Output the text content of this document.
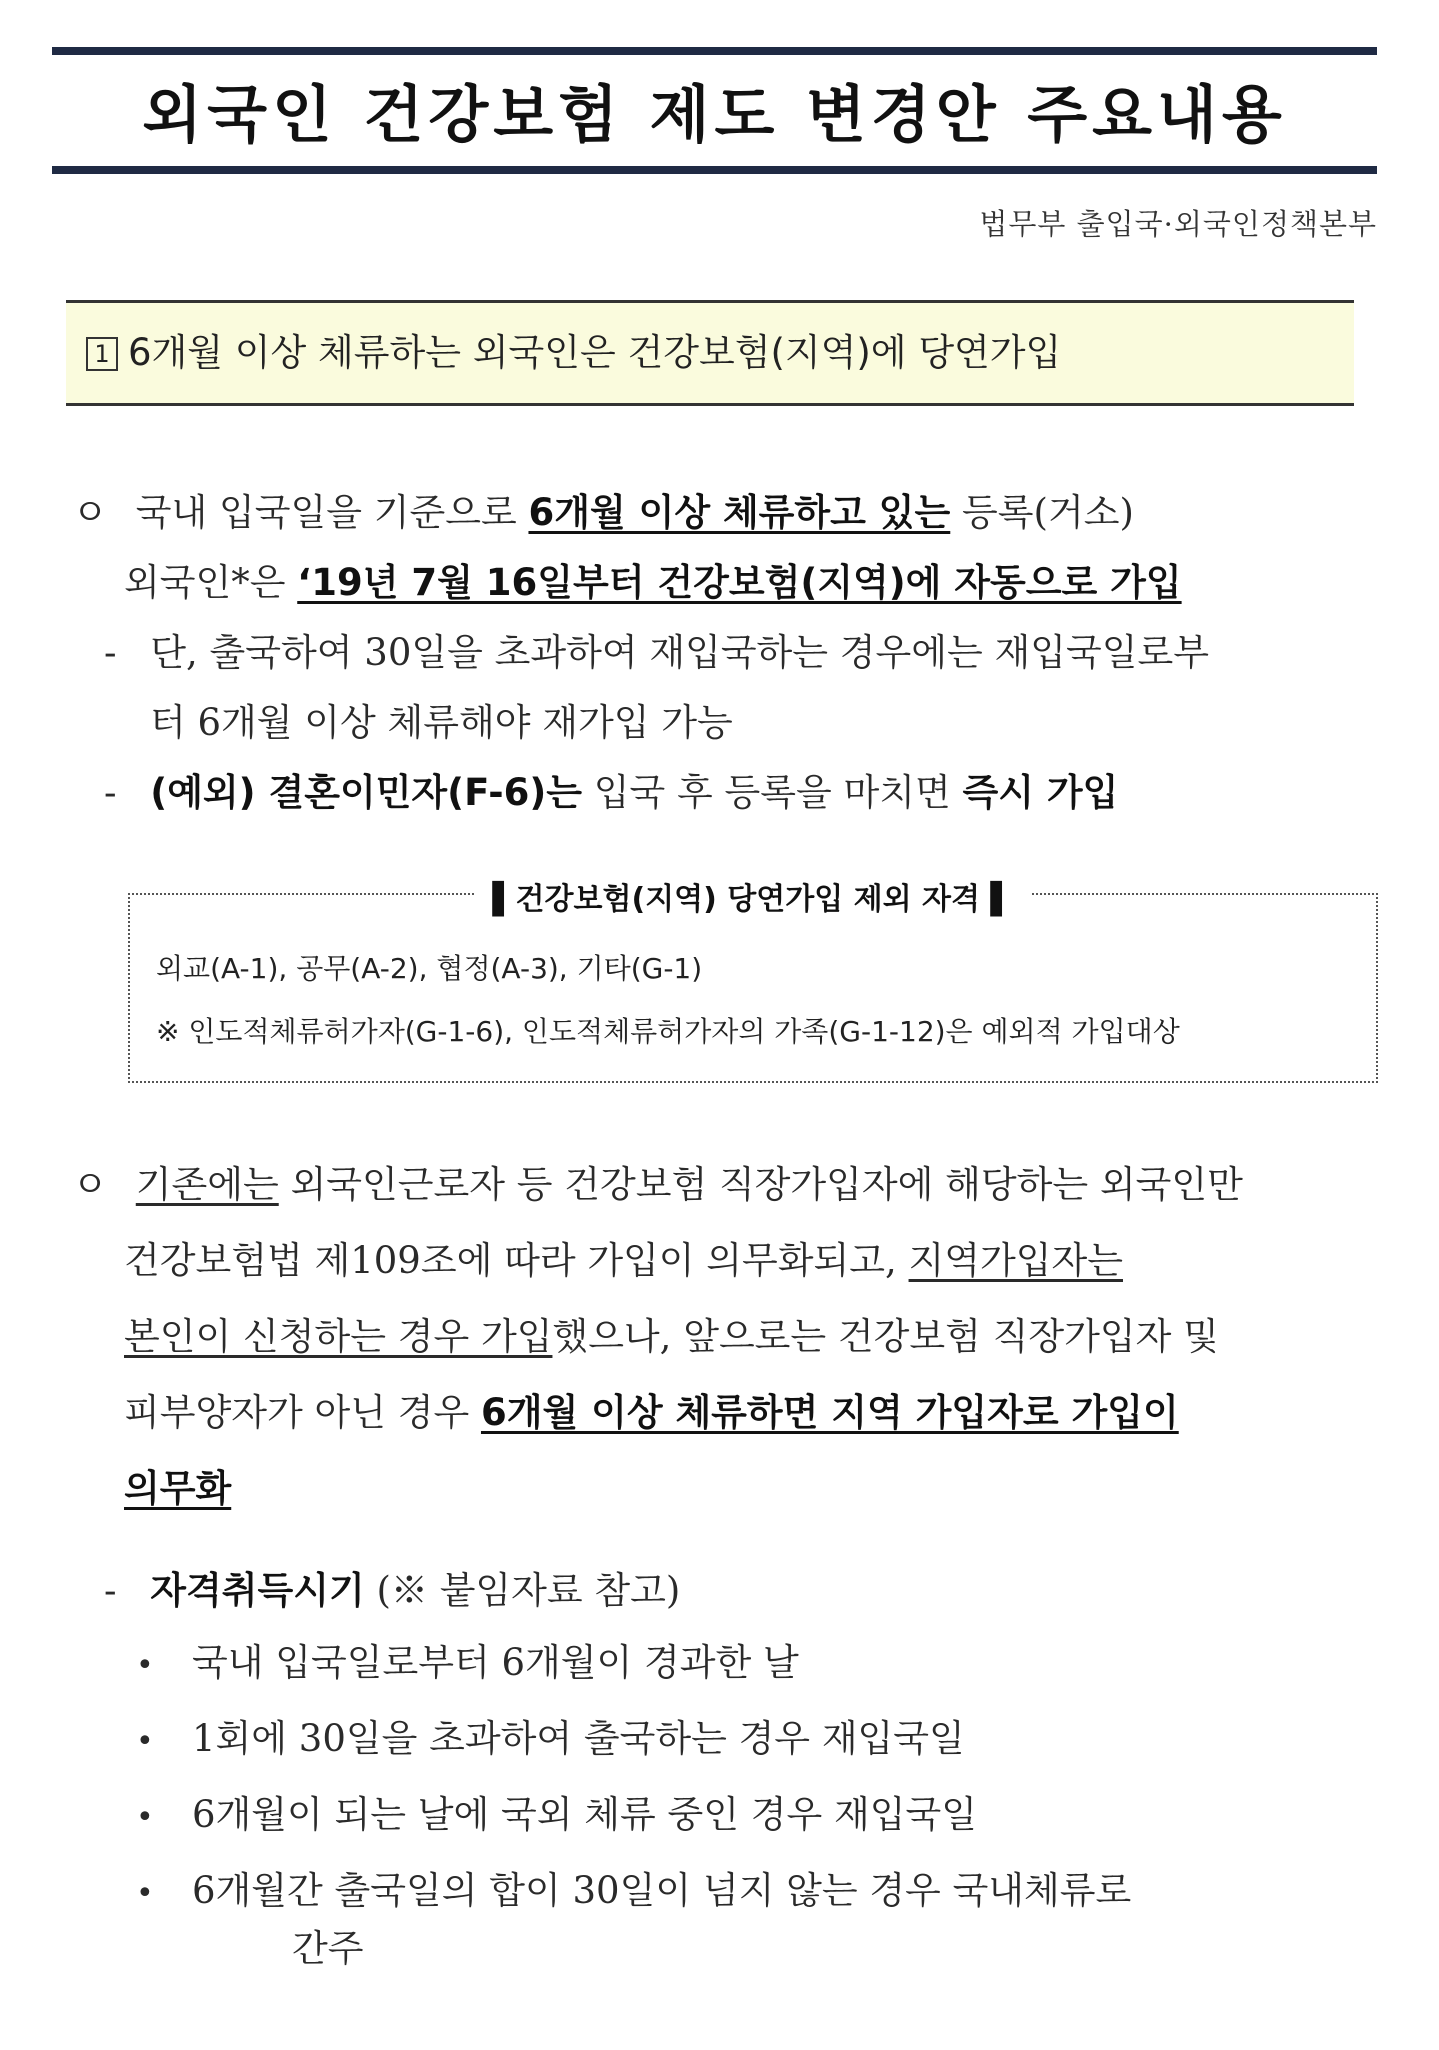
외국인 건강보험 제도 변경안 주요내용
법무부 출입국·외국인정책본부
1 6개월 이상 체류하는 외국인은 건강보험(지역)에 당연가입
ㅇ 국내 입국일을 기준으로 6개월 이상 체류하고 있는 등록(거소)
외국인*은 ‘19년 7월 16일부터 건강보험(지역)에 자동으로 가입
- 단, 출국하여 30일을 초과하여 재입국하는 경우에는 재입국일로부
터 6개월 이상 체류해야 재가입 가능
- (예외) 결혼이민자(F-6)는 입국 후 등록을 마치면 즉시 가입
▌건강보험(지역) 당연가입 제외 자격 ▌
외교(A-1), 공무(A-2), 협정(A-3), 기타(G-1)
※ 인도적체류허가자(G-1-6), 인도적체류허가자의 가족(G-1-12)은 예외적 가입대상
ㅇ 기존에는 외국인근로자 등 건강보험 직장가입자에 해당하는 외국인만
건강보험법 제109조에 따라 가입이 의무화되고, 지역가입자는
본인이 신청하는 경우 가입했으나, 앞으로는 건강보험 직장가입자 및
피부양자가 아닌 경우 6개월 이상 체류하면 지역 가입자로 가입이
의무화
- 자격취득시기 (※ 붙임자료 참고)
• 국내 입국일로부터 6개월이 경과한 날
• 1회에 30일을 초과하여 출국하는 경우 재입국일
• 6개월이 되는 날에 국외 체류 중인 경우 재입국일
• 6개월간 출국일의 합이 30일이 넘지 않는 경우 국내체류로
간주
